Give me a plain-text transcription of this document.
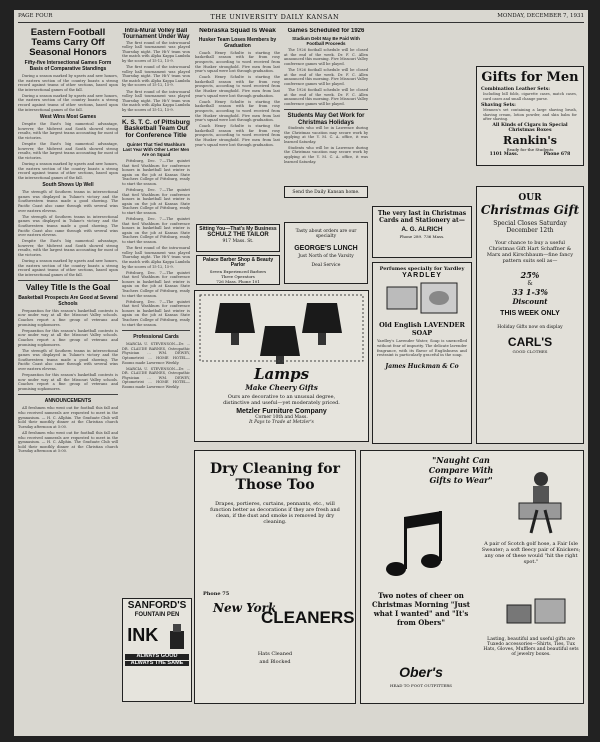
PAGE FOUR	THE UNIVERSITY DAILY KANSAN	MONDAY, DECEMBER 7, 1931
Eastern Football Teams Carry Off Seasonal Honors
Fifty-five Intersectional Games Form Basis of Comparative Standings

During a season marked by upsets and new honors, the eastern section of the country boasts a strong record against teams of other sections, based upon the intersectional games of the fall.

During a season marked by upsets and new honors, the eastern section of the country boasts a strong record against teams of other sections, based upon the intersectional games of the fall.

West Wins Most Games

Despite the East's big numerical advantage, however, the Midwest and South showed strong results, with the largest teams accounting for most of the victories.

Despite the East's big numerical advantage, however, the Midwest and South showed strong results, with the largest teams accounting for most of the victories.

During a season marked by upsets and new honors, the eastern section of the country boasts a strong record against teams of other sections, based upon the intersectional games of the fall.

South Shows Up Well

The strength of Southern teams in intersectional games was displayed in Tulane's victory and the Southwestern teams made a good showing. The Pacific Coast also came through with several wins over eastern elevens.

The strength of Southern teams in intersectional games was displayed in Tulane's victory and the Southwestern teams made a good showing. The Pacific Coast also came through with several wins over eastern elevens.

Despite the East's big numerical advantage, however, the Midwest and South showed strong results, with the largest teams accounting for most of the victories.

During a season marked by upsets and new honors, the eastern section of the country boasts a strong record against teams of other sections, based upon the intersectional games of the fall.

Valley Title Is the Goal
Basketball Prospects Are Good at Several Schools

Preparation for this season's basketball contests is now under way at all the Missouri Valley schools. Coaches report a fine group of veterans and promising sophomores.

Preparation for this season's basketball contests is now under way at all the Missouri Valley schools. Coaches report a fine group of veterans and promising sophomores.

The strength of Southern teams in intersectional games was displayed in Tulane's victory and the Southwestern teams made a good showing. The Pacific Coast also came through with several wins over eastern elevens.

Preparation for this season's basketball contests is now under way at all the Missouri Valley schools. Coaches report a fine group of veterans and promising sophomores.

ANNOUNCEMENTS

All freshmen who went out for football this fall and who received numerals are requested to meet in the gymnasium. — H. C. Allphin. The Graduate Club will hold their monthly dinner at the Christian church Tuesday afternoon at 5:00.

All freshmen who went out for football this fall and who received numerals are requested to meet in the gymnasium. — H. C. Allphin. The Graduate Club will hold their monthly dinner at the Christian church Tuesday afternoon at 5:00.

Intra-Mural Volley Ball Tournament Under Way

The first round of the intra-mural volley ball tournament was played Thursday night. The Hi-Y team won the match with Alpha Kappa Lambda by the scores of 15-12, 15-9.

The first round of the intra-mural volley ball tournament was played Thursday night. The Hi-Y team won the match with Alpha Kappa Lambda by the scores of 15-12, 15-9.

The first round of the intra-mural volley ball tournament was played Thursday night. The Hi-Y team won the match with Alpha Kappa Lambda by the scores of 15-12, 15-9.

K. S. T. C. of Pittsburg Basketball Team Out for Conference Title
Quintet That Tied Washburn Last Year With Other Letter Men Are on Squad

Pittsburg, Dec. 7.—The quintet that tied Washburn for conference honors in basketball last winter is again on the job at Kansas State Teachers College of Pittsburg, ready to start the season.

Pittsburg, Dec. 7.—The quintet that tied Washburn for conference honors in basketball last winter is again on the job at Kansas State Teachers College of Pittsburg, ready to start the season.

Pittsburg, Dec. 7.—The quintet that tied Washburn for conference honors in basketball last winter is again on the job at Kansas State Teachers College of Pittsburg, ready to start the season.

The first round of the intra-mural volley ball tournament was played Thursday night. The Hi-Y team won the match with Alpha Kappa Lambda by the scores of 15-12, 15-9.

Pittsburg, Dec. 7.—The quintet that tied Washburn for conference honors in basketball last winter is again on the job at Kansas State Teachers College of Pittsburg, ready to start the season.

Pittsburg, Dec. 7.—The quintet that tied Washburn for conference honors in basketball last winter is again on the job at Kansas State Teachers College of Pittsburg, ready to start the season.

Professional Cards

MARCIA U. STEVENSON—Dr. ... DR. CLAUDE BARNES, Osteopathic Physician ... WM. DEWEY, Optometrist ... HOME HOTEL—Rooms made Lawrence Weekly.

MARCIA U. STEVENSON—Dr. ... DR. CLAUDE BARNES, Osteopathic Physician ... WM. DEWEY, Optometrist ... HOME HOTEL—Rooms made Lawrence Weekly.

SANFORD'S
FOUNTAIN PEN
INK
ALWAYS GOOD
ALWAYS THE SAME
Nebraska Squad Is Weak
Husker Team Loses Members by Graduation

Coach Henry Schulte is starting the basketball season with far from rosy prospects, according to word received from the Husker stronghold. Five men from last year's squad were lost through graduation.

Coach Henry Schulte is starting the basketball season with far from rosy prospects, according to word received from the Husker stronghold. Five men from last year's squad were lost through graduation.

Coach Henry Schulte is starting the basketball season with far from rosy prospects, according to word received from the Husker stronghold. Five men from last year's squad were lost through graduation.

Coach Henry Schulte is starting the basketball season with far from rosy prospects, according to word received from the Husker stronghold. Five men from last year's squad were lost through graduation.

Sitting You—That's My Business
SCHULZ THE TAILOR
917 Mass. St.
Palace Barber Shop & Beauty Parlor
Seven Experienced Barbers
Three Operators
726 Mass. Phone 101
Games Scheduled for 1926
Stadium Debt May Be Paid With Football Proceeds

The 1926 football schedule will be closed at the end of the week. Dr. F. C. Allen announced this morning. Five Missouri Valley conference games will be played.

The 1926 football schedule will be closed at the end of the week. Dr. F. C. Allen announced this morning. Five Missouri Valley conference games will be played.

The 1926 football schedule will be closed at the end of the week. Dr. F. C. Allen announced this morning. Five Missouri Valley conference games will be played.

Students May Get Work for Christmas Holidays

Students who will be in Lawrence during the Christmas vacation may secure work by applying at the Y. M. C. A. office, it was learned Saturday.

Students who will be in Lawrence during the Christmas vacation may secure work by applying at the Y. M. C. A. office, it was learned Saturday.

Send the Daily Kansan home.
Tasty about orders are our specialty
GEORGE'S LUNCH
Just North of the Varsity
Deal Service
Lamps
Make Cheery Gifts
Ours are decorative to an unusual degree, distinctive and useful—yet moderately priced.
Metzler Furniture Company
Corner 10th and Mass.
It Pays to Trade at Metzler's
The very last in Christmas Cards and Stationery at—
A. G. ALRICH
Phone 289. 736 Mass.
Perfumes specially for Yardley
YARDLEY
Old English LAVENDER SOAP
Yardley's Lavender Water, Soap is unexcelled without fear of impurity. The delicate lavender fragrance, with its flavor of Englishness and restraint is particularly graceful in the soap.
James Huckman & Co
Dry Cleaning for Those Too
Drapes, portieres, curtains, pennants, etc., will function better as decorations if they are fresh and clean, if the dust and smoke is removed by dry cleaning.
Phone 75
New York
CLEANERS
Hats Cleaned
and Blocked
Gifts for Men
Combination Leather Sets:
Including bill folds, cigarette cases, match cases, card cases and small change purse.
Shaving Sets:
Mennen's set containing a large shaving brush, shaving cream, lotion powder, and skin balm for after shaving.
All Kinds of Cigars in Special Christmas Boxes
Rankin's
Ready for the Students
1101 Mass.	Phone 678
OUR
Christmas Gift
Special Closes Saturday
December 12th
Your chance to buy a useful Christmas Gift Hart Schaffner & Marx and Kirschbaum—fine fancy pattern suits sell as—
25%
&
33 1-3%
Discount
THIS WEEK ONLY
Holiday Gifts now on display
CARL'S
GOOD CLOTHES
"Naught Can Compare With Gifts to Wear"
A pair of Scotch golf hose, a Fair Isle Sweater; a soft fleecy pair of Knickers; any one of these would "hit the right spot."
Two notes of cheer on Christmas Morning "Just what I wanted" and "It's from Obers"
Lasting, beautiful and useful gifts are Tuxedo accessories—Shirts, Ties, Tux Hats, Gloves, Mufflers and beautiful sets of jewelry boxes.
Ober's
HEAD TO FOOT OUTFITTERS
